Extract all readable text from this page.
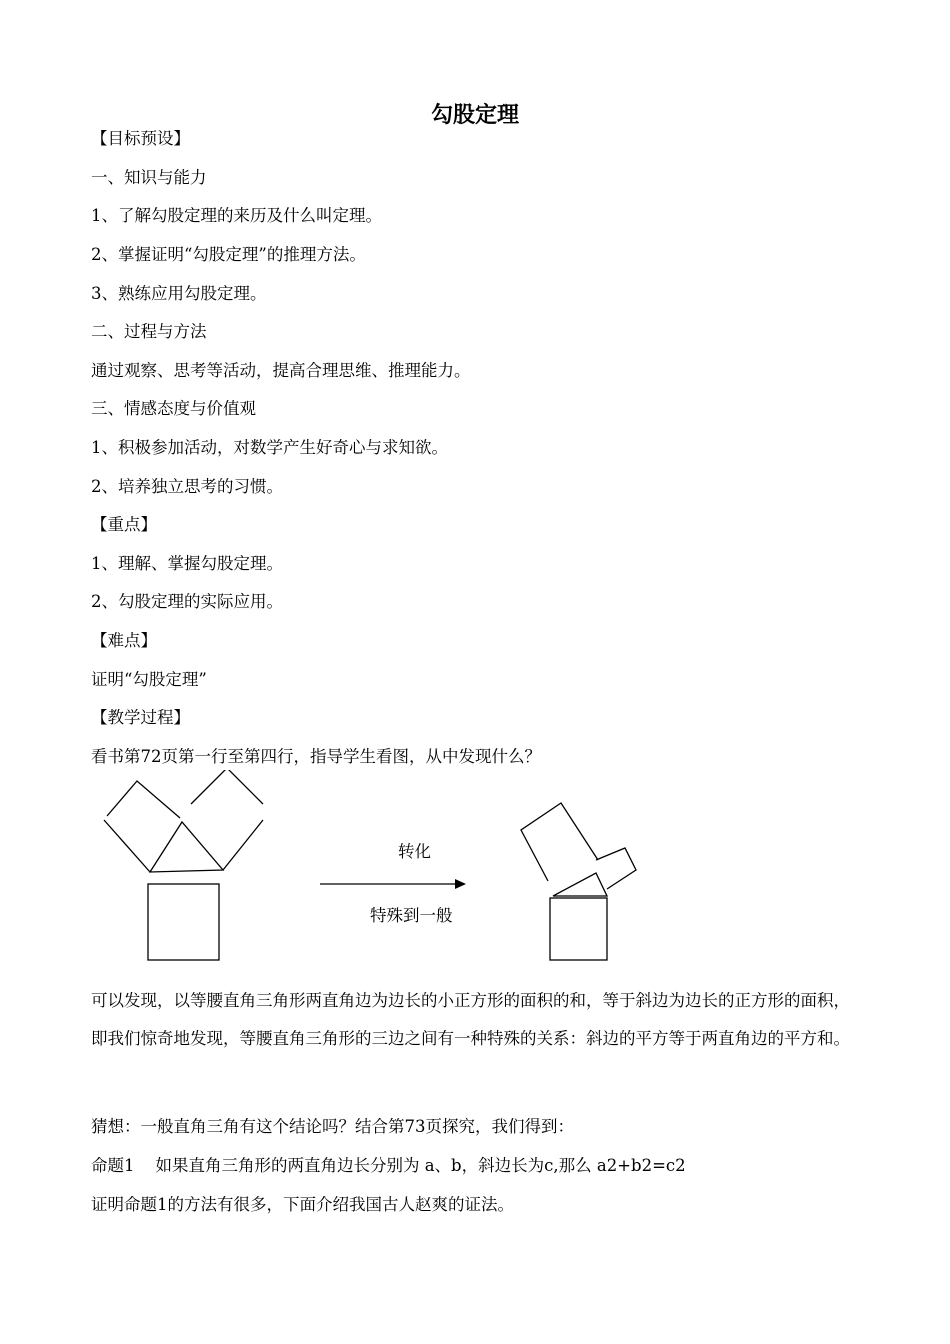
勾股定理
【目标预设】
一、知识与能力
1、了解勾股定理的来历及什么叫定理。
2、掌握证明“勾股定理”的推理方法。
3、熟练应用勾股定理。
二、过程与方法
通过观察、思考等活动，提高合理思维、推理能力。
三、情感态度与价值观
1、积极参加活动，对数学产生好奇心与求知欲。
2、培养独立思考的习惯。
【重点】
1、理解、掌握勾股定理。
2、勾股定理的实际应用。
【难点】
证明“勾股定理”
【教学过程】
看书第72页第一行至第四行，指导学生看图，从中发现什么？
转化
特殊到一般
可以发现，以等腰直角三角形两直角边为边长的小正方形的面积的和，等于斜边为边长的正方形的面积，即我们惊奇地发现，等腰直角三角形的三边之间有一种特殊的关系：斜边的平方等于两直角边的平方和。
猜想：一般直角三角有这个结论吗？结合第73页探究，我们得到：
命题1    如果直角三角形的两直角边长分别为 a、b，斜边长为c,那么 a2+b2=c2
证明命题1的方法有很多，下面介绍我国古人赵爽的证法。
